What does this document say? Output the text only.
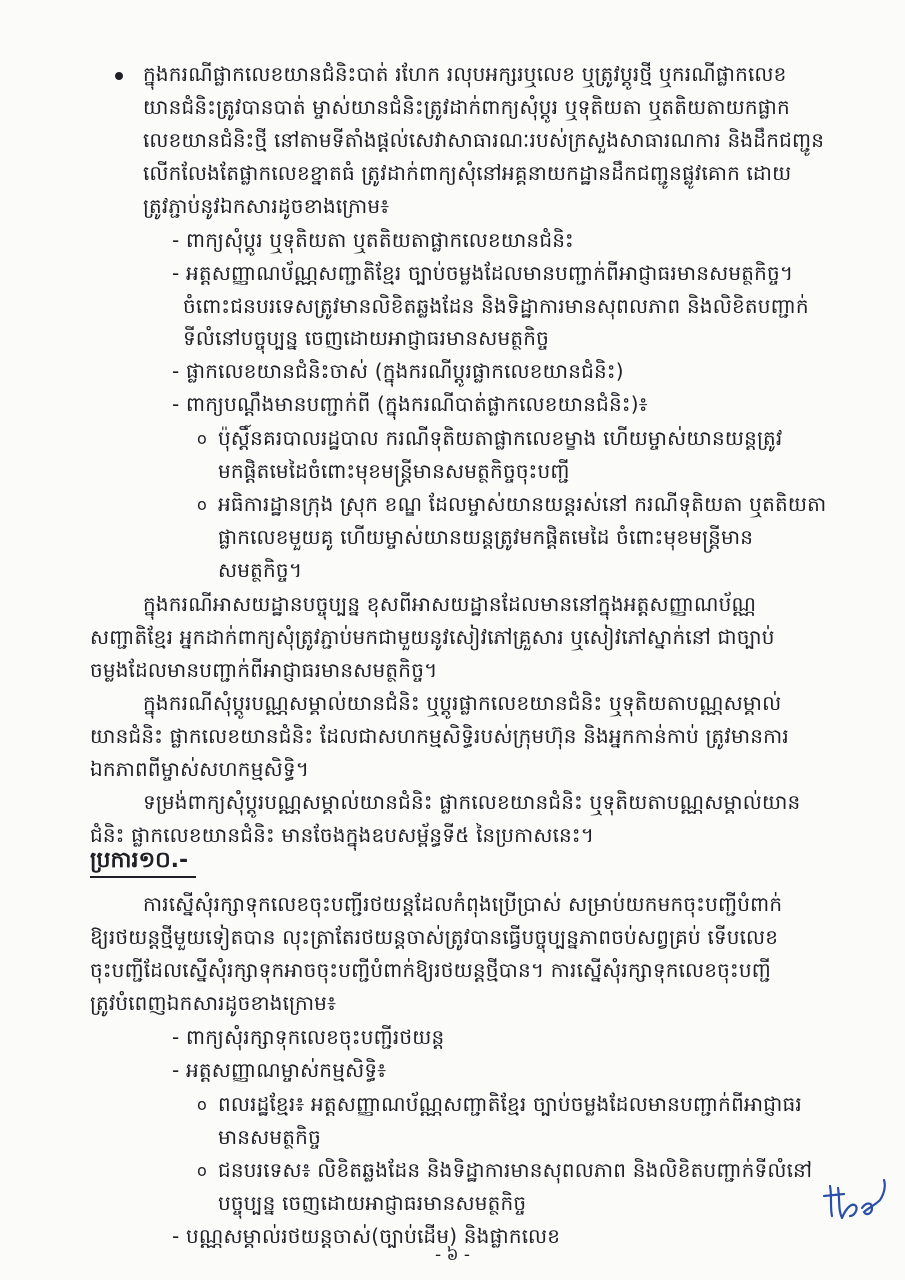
ក្នុងករណីផ្លាកលេខយានជំនិះបាត់ រហែក រលុបអក្សរឬលេខ ឬត្រូវប្ដូរថ្មី ឬករណីផ្លាកលេខ
យានជំនិះត្រូវបានបាត់ ម្ចាស់យានជំនិះត្រូវដាក់ពាក្យសុំប្ដូរ ឬទុតិយតា ឬតតិយតាយកផ្លាក
លេខយានជំនិះថ្មី នៅតាមទីតាំងផ្ដល់សេវាសាធារណៈរបស់ក្រសួងសាធារណការ និងដឹកជញ្ជូន
លើកលែងតែផ្លាកលេខខ្នាតធំ ត្រូវដាក់ពាក្យសុំនៅអគ្គនាយកដ្ឋានដឹកជញ្ជូនផ្លូវគោក ដោយ
ត្រូវភ្ជាប់នូវឯកសារដូចខាងក្រោម៖
- ពាក្យសុំប្ដូរ ឬទុតិយតា ឬតតិយតាផ្លាកលេខយានជំនិះ
- អត្តសញ្ញាណប័ណ្ណសញ្ជាតិខ្មែរ ច្បាប់ចម្លងដែលមានបញ្ជាក់ពីអាជ្ញាធរមានសមត្ថកិច្ច។
ចំពោះជនបរទេសត្រូវមានលិខិតឆ្លងដែន និងទិដ្ឋាការមានសុពលភាព និងលិខិតបញ្ជាក់
ទីលំនៅបច្ចុប្បន្ន ចេញដោយអាជ្ញាធរមានសមត្ថកិច្ច
- ផ្លាកលេខយានជំនិះចាស់ (ក្នុងករណីប្ដូរផ្លាកលេខយានជំនិះ)
- ពាក្យបណ្ដឹងមានបញ្ជាក់ពី (ក្នុងករណីបាត់ផ្លាកលេខយានជំនិះ)៖
o ប៉ុស្តិ៍នគរបាលរដ្ឋបាល ករណីទុតិយតាផ្លាកលេខម្ខាង ហើយម្ចាស់យានយន្តត្រូវ
មកផ្ដិតមេដៃចំពោះមុខមន្ត្រីមានសមត្ថកិច្ចចុះបញ្ជី
o អធិការដ្ឋានក្រុង ស្រុក ខណ្ឌ ដែលម្ចាស់យានយន្តរស់នៅ ករណីទុតិយតា ឬតតិយតា
ផ្លាកលេខមួយគូ ហើយម្ចាស់យានយន្តត្រូវមកផ្ដិតមេដៃ ចំពោះមុខមន្ត្រីមាន
សមត្ថកិច្ច។
ក្នុងករណីអាសយដ្ឋានបច្ចុប្បន្ន ខុសពីអាសយដ្ឋានដែលមាននៅក្នុងអត្តសញ្ញាណប័ណ្ណ
សញ្ជាតិខ្មែរ អ្នកដាក់ពាក្យសុំត្រូវភ្ជាប់មកជាមួយនូវសៀវភៅគ្រួសារ ឬសៀវភៅស្នាក់នៅ ជាច្បាប់
ចម្លងដែលមានបញ្ជាក់ពីអាជ្ញាធរមានសមត្ថកិច្ច។
ក្នុងករណីសុំប្ដូរបណ្ណសម្គាល់យានជំនិះ ឬប្ដូរផ្លាកលេខយានជំនិះ ឬទុតិយតាបណ្ណសម្គាល់
យានជំនិះ ផ្លាកលេខយានជំនិះ ដែលជាសហកម្មសិទ្ធិរបស់ក្រុមហ៊ុន និងអ្នកកាន់កាប់ ត្រូវមានការ
ឯកភាពពីម្ចាស់សហកម្មសិទ្ធិ។
ទម្រង់ពាក្យសុំប្ដូរបណ្ណសម្គាល់យានជំនិះ ផ្លាកលេខយានជំនិះ ឬទុតិយតាបណ្ណសម្គាល់យាន
ជំនិះ ផ្លាកលេខយានជំនិះ មានចែងក្នុងឧបសម្ព័ន្ធទី៥ នៃប្រកាសនេះ។
ប្រការ១០.-
ការស្នើសុំរក្សាទុកលេខចុះបញ្ជីរថយន្តដែលកំពុងប្រើប្រាស់ សម្រាប់យកមកចុះបញ្ជីបំពាក់
ឱ្យរថយន្តថ្មីមួយទៀតបាន លុះត្រាតែរថយន្តចាស់ត្រូវបានធ្វើបច្ចុប្បន្នភាពចប់សព្វគ្រប់ ទើបលេខ
ចុះបញ្ជីដែលស្នើសុំរក្សាទុកអាចចុះបញ្ជីបំពាក់ឱ្យរថយន្តថ្មីបាន។ ការស្នើសុំរក្សាទុកលេខចុះបញ្ជី
ត្រូវបំពេញឯកសារដូចខាងក្រោម៖
- ពាក្យសុំរក្សាទុកលេខចុះបញ្ជីរថយន្ត
- អត្តសញ្ញាណម្ចាស់កម្មសិទ្ធិ៖
o ពលរដ្ឋខ្មែរ៖ អត្តសញ្ញាណប័ណ្ណសញ្ជាតិខ្មែរ ច្បាប់ចម្លងដែលមានបញ្ជាក់ពីអាជ្ញាធរ
មានសមត្ថកិច្ច
o ជនបរទេស៖ លិខិតឆ្លងដែន និងទិដ្ឋាការមានសុពលភាព និងលិខិតបញ្ជាក់ទីលំនៅ
បច្ចុប្បន្ន ចេញដោយអាជ្ញាធរមានសមត្ថកិច្ច
- បណ្ណសម្គាល់រថយន្តចាស់(ច្បាប់ដើម) និងផ្លាកលេខ
- ៦ -
